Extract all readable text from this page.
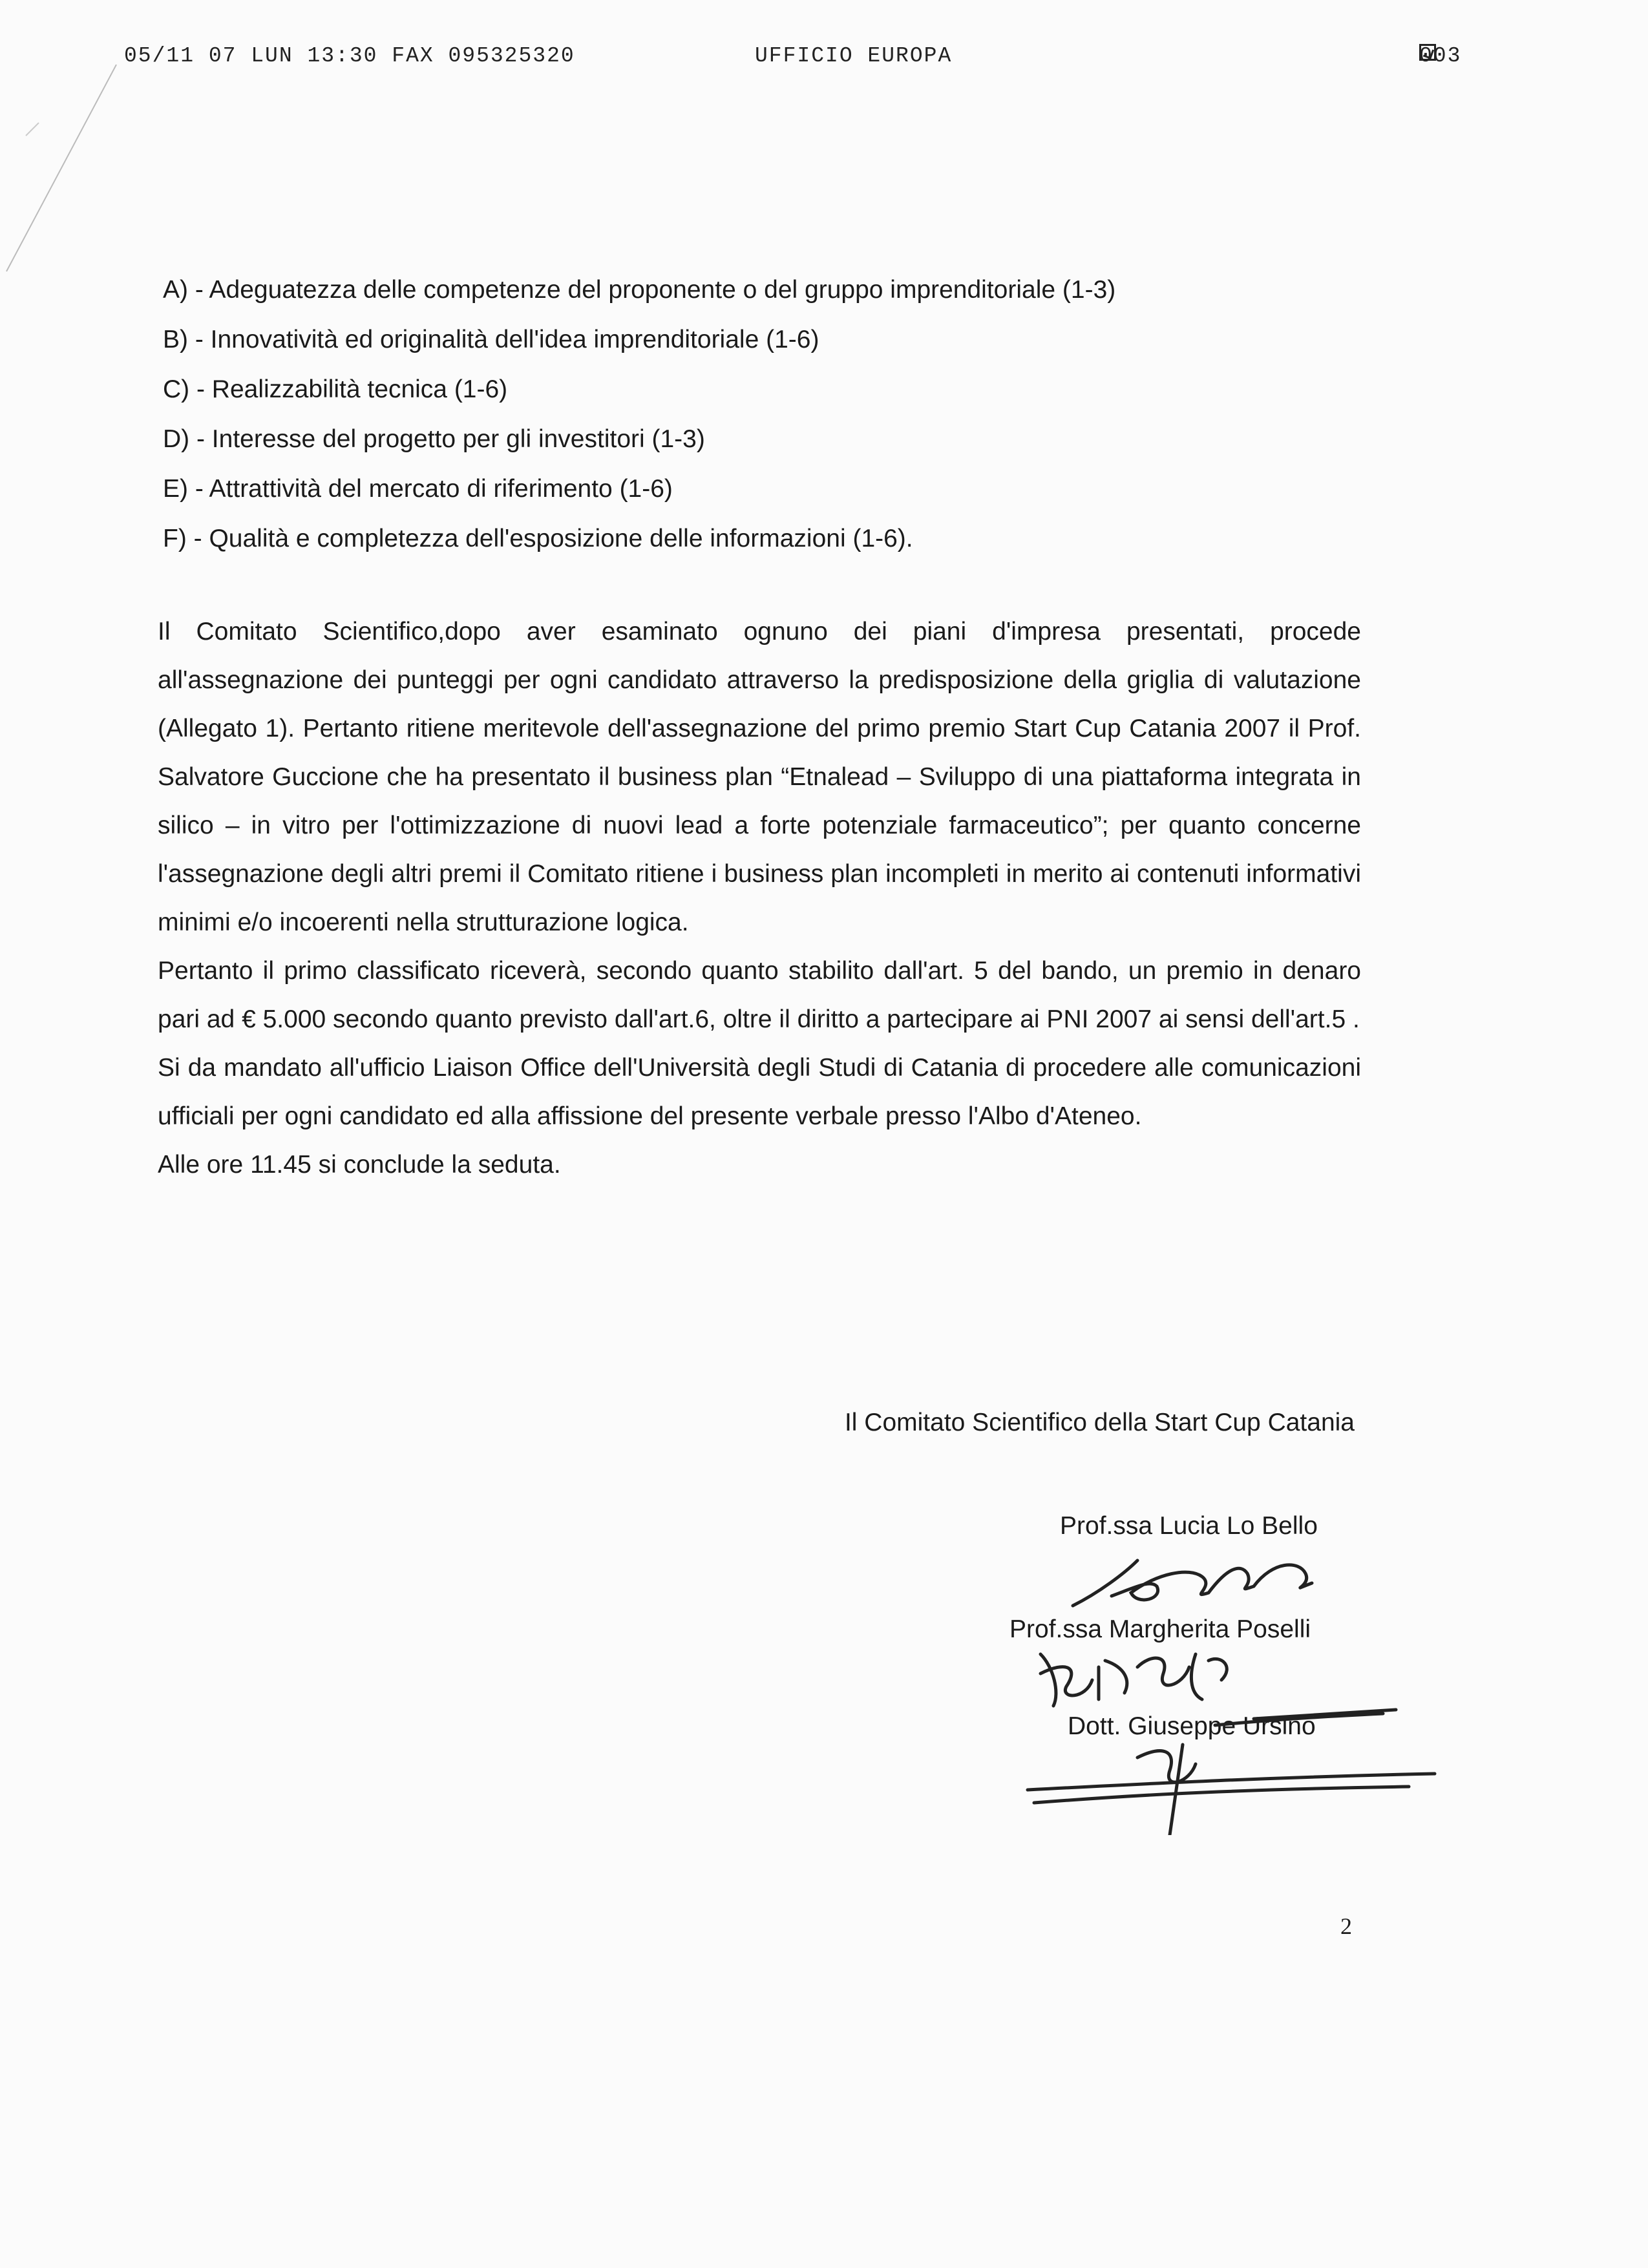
05/11 07 LUN 13:30 FAX 095325320	UFFICIO EUROPA	003
A) - Adeguatezza delle competenze del proponente o del gruppo imprenditoriale (1-3)
B) - Innovatività ed originalità dell'idea imprenditoriale (1-6)
C) - Realizzabilità tecnica (1-6)
D) - Interesse del progetto per gli investitori (1-3)
E) - Attrattività del mercato di riferimento (1-6)
F) - Qualità e completezza dell'esposizione delle informazioni (1-6).

Il Comitato Scientifico,dopo aver esaminato ognuno dei piani d'impresa presentati, procede all'assegnazione dei punteggi per ogni candidato attraverso la predisposizione della griglia di valutazione (Allegato 1). Pertanto ritiene meritevole dell'assegnazione del primo premio Start Cup Catania 2007 il Prof. Salvatore Guccione che ha presentato il business plan “Etnalead – Sviluppo di una piattaforma integrata in silico – in vitro per l'ottimizzazione di nuovi lead a forte potenziale farmaceutico”; per quanto concerne l'assegnazione degli altri premi il Comitato ritiene i business plan incompleti in merito ai contenuti informativi minimi e/o incoerenti nella strutturazione logica.

Pertanto il primo classificato riceverà, secondo quanto stabilito dall'art. 5 del bando, un premio in denaro pari ad € 5.000 secondo quanto previsto dall'art.6, oltre il diritto a partecipare ai PNI 2007 ai sensi dell'art.5 .

Si da mandato all'ufficio Liaison Office dell'Università degli Studi di Catania di procedere alle comunicazioni ufficiali per ogni candidato ed alla affissione del presente verbale presso l'Albo d'Ateneo.

Alle ore 11.45 si conclude la seduta.

Il Comitato Scientifico della Start Cup Catania
Prof.ssa Lucia Lo Bello
Prof.ssa Margherita Poselli
Dott. Giuseppe Ursino
2
